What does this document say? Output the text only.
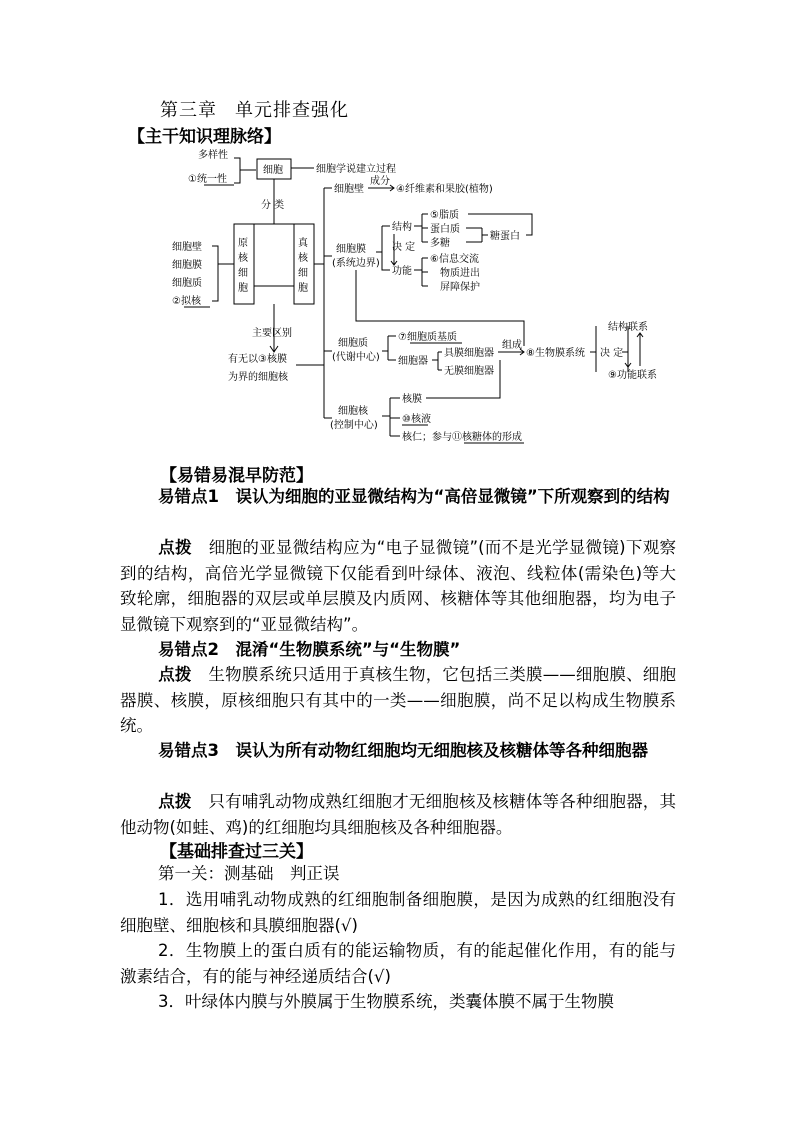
第三章 单元排查强化
【主干知识理脉络】
多样性
①统一性
细胞	细胞学说建立过程
分 类
原
核
细
胞
真
核
细
胞
细胞壁
细胞膜
细胞质
②拟核
主要区别
有无以③核膜
为界的细胞核
细胞壁
成分
④纤维素和果胶(植物)
细胞膜
(系统边界)
结构
决 定
功能
⑤脂质
蛋白质
多糖
糖蛋白
⑥信息交流
物质进出
屏障保护
细胞质
(代谢中心)
⑦细胞质基质
细胞器
具膜细胞器
无膜细胞器
组成
⑧生物膜系统 决 定
细胞核
(控制中心)
核膜
⑩核液
核仁；参与⑪核糖体的形成
结构联系
⑨功能联系
【易错易混早防范】
易错点1　 误认为细胞的亚显微结构为“高倍显微镜”下所观察到的结构
点拨　 细胞的亚显微结构应为“电子显微镜”(而不是光学显微镜)下观察到的结构，高倍光学显微镜下仅能看到叶绿体、液泡、线粒体(需染色)等大致轮廓，细胞器的双层或单层膜及内质网、核糖体等其他细胞器，均为电子显微镜下观察到的“亚显微结构”。
易错点2　 混淆“生物膜系统”与“生物膜”
点拨　 生物膜系统只适用于真核生物，它包括三类膜——细胞膜、细胞器膜、核膜，原核细胞只有其中的一类——细胞膜，尚不足以构成生物膜系统。
易错点3　 误认为所有动物红细胞均无细胞核及核糖体等各种细胞器
点拨　 只有哺乳动物成熟红细胞才无细胞核及核糖体等各种细胞器，其他动物(如蛙、鸡)的红细胞均具细胞核及各种细胞器。
【基础排查过三关】
第一关：测基础　 判正误
1．选用哺乳动物成熟的红细胞制备细胞膜，是因为成熟的红细胞没有细胞壁、细胞核和具膜细胞器(√)
2．生物膜上的蛋白质有的能运输物质，有的能起催化作用，有的能与激素结合，有的能与神经递质结合(√)
3．叶绿体内膜与外膜属于生物膜系统，类囊体膜不属于生物膜
